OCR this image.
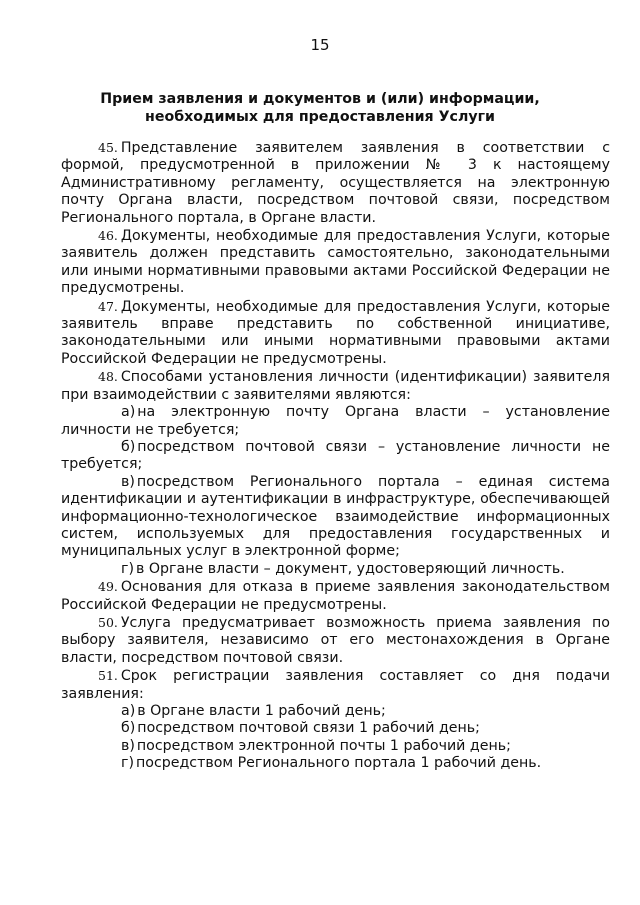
15
Прием заявления и документов и (или) информации,
необходимых для предоставления Услуги
45. Представление заявителем заявления в соответствии с формой, предусмотренной в приложении № 3 к настоящему Административному регламенту, осуществляется на электронную почту Органа власти, посредством почтовой связи, посредством Регионального портала, в Органе власти.
46. Документы, необходимые для предоставления Услуги, которые заявитель должен представить самостоятельно, законодательными или иными нормативными правовыми актами Российской Федерации не предусмотрены.
47. Документы, необходимые для предоставления Услуги, которые заявитель вправе представить по собственной инициативе, законодательными или иными нормативными правовыми актами Российской Федерации не предусмотрены.
48. Способами установления личности (идентификации) заявителя при взаимодействии с заявителями являются:
а) на электронную почту Органа власти – установление личности не требуется;
б) посредством почтовой связи – установление личности не требуется;
в) посредством Регионального портала – единая система идентификации и аутентификации в инфраструктуре, обеспечивающей информационно-технологическое взаимодействие информационных систем, используемых для предоставления государственных и муниципальных услуг в электронной форме;
г) в Органе власти – документ, удостоверяющий личность.
49. Основания для отказа в приеме заявления законодательством Российской Федерации не предусмотрены.
50. Услуга предусматривает возможность приема заявления по выбору заявителя, независимо от его местонахождения в Органе власти, посредством почтовой связи.
51. Срок регистрации заявления составляет со дня подачи заявления:
а) в Органе власти 1 рабочий день;
б) посредством почтовой связи 1 рабочий день;
в) посредством электронной почты 1 рабочий день;
г) посредством Регионального портала 1 рабочий день.
